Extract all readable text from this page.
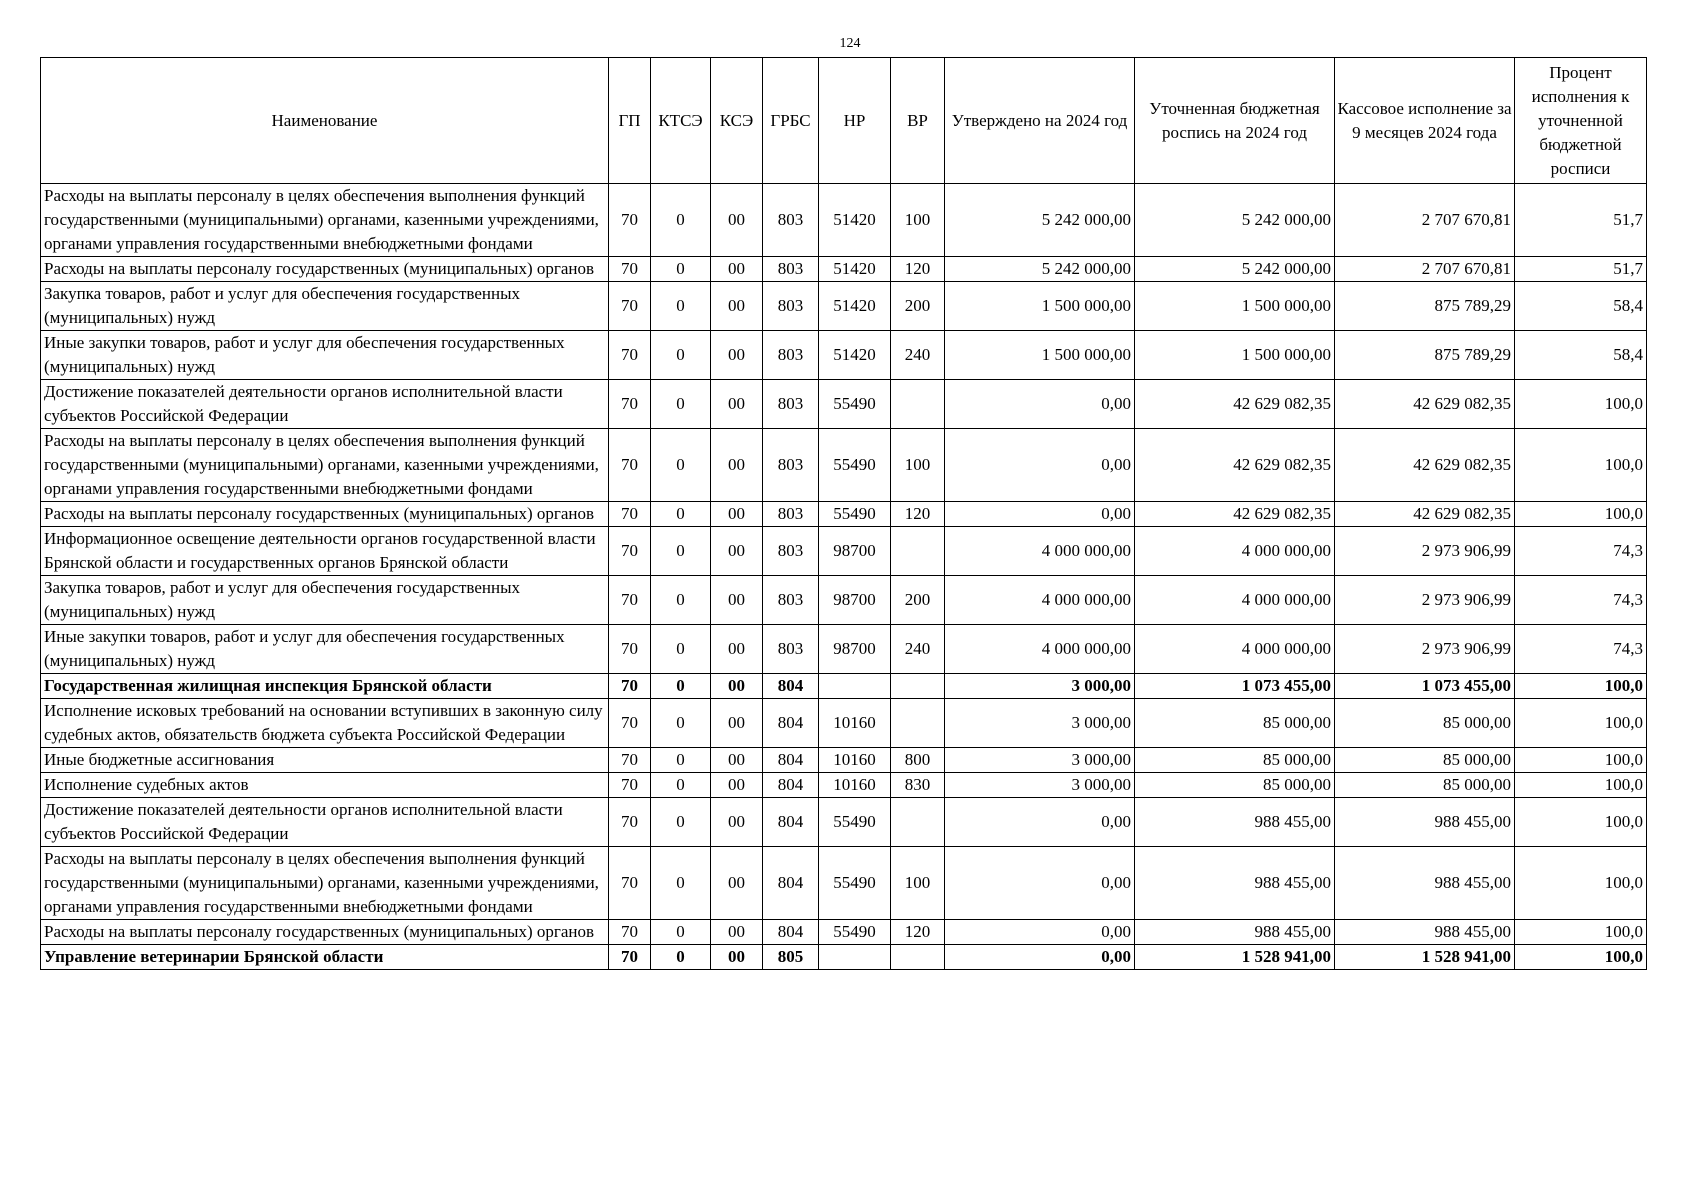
124
Наименование	ГП	КТСЭ	КСЭ	ГРБС	НР	ВР	Утверждено на 2024 год	Уточненная бюджетная роспись на 2024 год	Кассовое исполнение за 9 месяцев 2024 года	Процент исполнения к уточненной бюджетной росписи
Расходы на выплаты персоналу в целях обеспечения выполнения функций государственными (муниципальными) органами, казенными учреждениями, органами управления государственными внебюджетными фондами	70	0	00	803	51420	100	5 242 000,00	5 242 000,00	2 707 670,81	51,7
Расходы на выплаты персоналу государственных (муниципальных) органов	70	0	00	803	51420	120	5 242 000,00	5 242 000,00	2 707 670,81	51,7
Закупка товаров, работ и услуг для обеспечения государственных (муниципальных) нужд	70	0	00	803	51420	200	1 500 000,00	1 500 000,00	875 789,29	58,4
Иные закупки товаров, работ и услуг для обеспечения государственных (муниципальных) нужд	70	0	00	803	51420	240	1 500 000,00	1 500 000,00	875 789,29	58,4
Достижение показателей деятельности органов исполнительной власти субъектов Российской Федерации	70	0	00	803	55490		0,00	42 629 082,35	42 629 082,35	100,0
Расходы на выплаты персоналу в целях обеспечения выполнения функций государственными (муниципальными) органами, казенными учреждениями, органами управления государственными внебюджетными фондами	70	0	00	803	55490	100	0,00	42 629 082,35	42 629 082,35	100,0
Расходы на выплаты персоналу государственных (муниципальных) органов	70	0	00	803	55490	120	0,00	42 629 082,35	42 629 082,35	100,0
Информационное освещение деятельности органов государственной власти Брянской области и государственных органов Брянской области	70	0	00	803	98700		4 000 000,00	4 000 000,00	2 973 906,99	74,3
Закупка товаров, работ и услуг для обеспечения государственных (муниципальных) нужд	70	0	00	803	98700	200	4 000 000,00	4 000 000,00	2 973 906,99	74,3
Иные закупки товаров, работ и услуг для обеспечения государственных (муниципальных) нужд	70	0	00	803	98700	240	4 000 000,00	4 000 000,00	2 973 906,99	74,3
Государственная жилищная инспекция Брянской области	70	0	00	804			3 000,00	1 073 455,00	1 073 455,00	100,0
Исполнение исковых требований на основании вступивших в законную силу судебных актов, обязательств бюджета субъекта Российской Федерации	70	0	00	804	10160		3 000,00	85 000,00	85 000,00	100,0
Иные бюджетные ассигнования	70	0	00	804	10160	800	3 000,00	85 000,00	85 000,00	100,0
Исполнение судебных актов	70	0	00	804	10160	830	3 000,00	85 000,00	85 000,00	100,0
Достижение показателей деятельности органов исполнительной власти субъектов Российской Федерации	70	0	00	804	55490		0,00	988 455,00	988 455,00	100,0
Расходы на выплаты персоналу в целях обеспечения выполнения функций государственными (муниципальными) органами, казенными учреждениями, органами управления государственными внебюджетными фондами	70	0	00	804	55490	100	0,00	988 455,00	988 455,00	100,0
Расходы на выплаты персоналу государственных (муниципальных) органов	70	0	00	804	55490	120	0,00	988 455,00	988 455,00	100,0
Управление ветеринарии Брянской области	70	0	00	805			0,00	1 528 941,00	1 528 941,00	100,0
